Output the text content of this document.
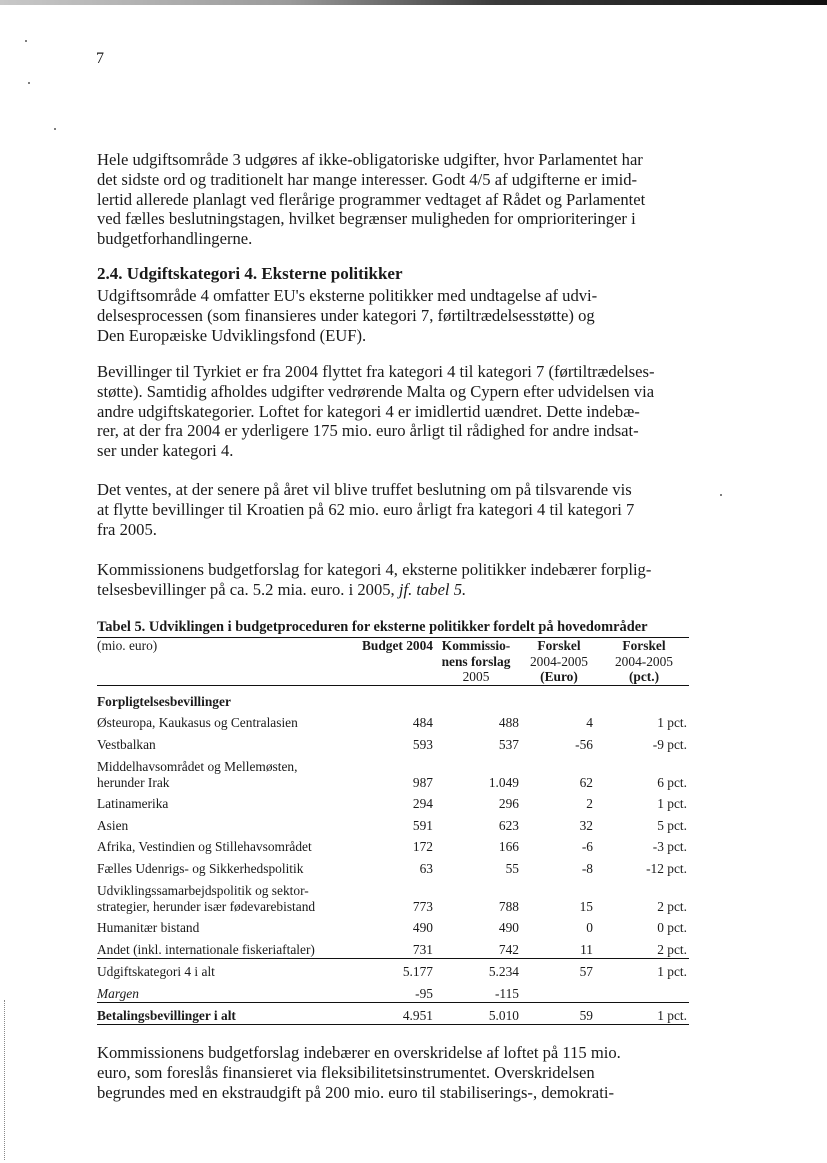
7

Hele udgiftsområde 3 udgøres af ikke-obligatoriske udgifter, hvor Parlamentet har
det sidste ord og traditionelt har mange interesser. Godt 4/5 af udgifterne er imid-
lertid allerede planlagt ved flerårige programmer vedtaget af Rådet og Parlamentet
ved fælles beslutningstagen, hvilket begrænser muligheden for omprioriteringer i
budgetforhandlingerne.

2.4. Udgiftskategori 4. Eksterne politikker

Udgiftsområde 4 omfatter EU's eksterne politikker med undtagelse af udvi-
delsesprocessen (som finansieres under kategori 7, førtiltrædelsesstøtte) og
Den Europæiske Udviklingsfond (EUF).

Bevillinger til Tyrkiet er fra 2004 flyttet fra kategori 4 til kategori 7 (førtiltrædelses-
støtte). Samtidig afholdes udgifter vedrørende Malta og Cypern efter udvidelsen via
andre udgiftskategorier. Loftet for kategori 4 er imidlertid uændret. Dette indebæ-
rer, at der fra 2004 er yderligere 175 mio. euro årligt til rådighed for andre indsat-
ser under kategori 4.

Det ventes, at der senere på året vil blive truffet beslutning om på tilsvarende vis
at flytte bevillinger til Kroatien på 62 mio. euro årligt fra kategori 4 til kategori 7
fra 2005.

Kommissionens budgetforslag for kategori 4, eksterne politikker indebærer forplig-
telsesbevillinger på ca. 5.2 mia. euro. i 2005, jf. tabel 5.

Tabel 5. Udviklingen i budgetproceduren for eksterne politikker fordelt på hovedområder
(mio. euro)	Budget 2004	Kommissio-	Forskel	Forskel
		nens forslag	2004-2005	2004-2005
		2005	(Euro)	(pct.)
Forpligtelsesbevillinger				
Østeuropa, Kaukasus og Centralasien	484	488	4	1 pct.
Vestbalkan	593	537	-56	-9 pct.
Middelhavsområdet og Mellemøsten,
herunder Irak	987	1.049	62	6 pct.
Latinamerika	294	296	2	1 pct.
Asien	591	623	32	5 pct.
Afrika, Vestindien og Stillehavsområdet	172	166	-6	-3 pct.
Fælles Udenrigs- og Sikkerhedspolitik	63	55	-8	-12 pct.
Udviklingssamarbejdspolitik og sektor-
strategier, herunder især fødevarebistand	773	788	15	2 pct.
Humanitær bistand	490	490	0	0 pct.
Andet (inkl. internationale fiskeriaftaler)	731	742	11	2 pct.
Udgiftskategori 4 i alt	5.177	5.234	57	1 pct.
Margen	-95	-115		
Betalingsbevillinger i alt	4.951	5.010	59	1 pct.

Kommissionens budgetforslag indebærer en overskridelse af loftet på 115 mio.
euro, som foreslås finansieret via fleksibilitetsinstrumentet. Overskridelsen
begrundes med en ekstraudgift på 200 mio. euro til stabiliserings-, demokrati-
